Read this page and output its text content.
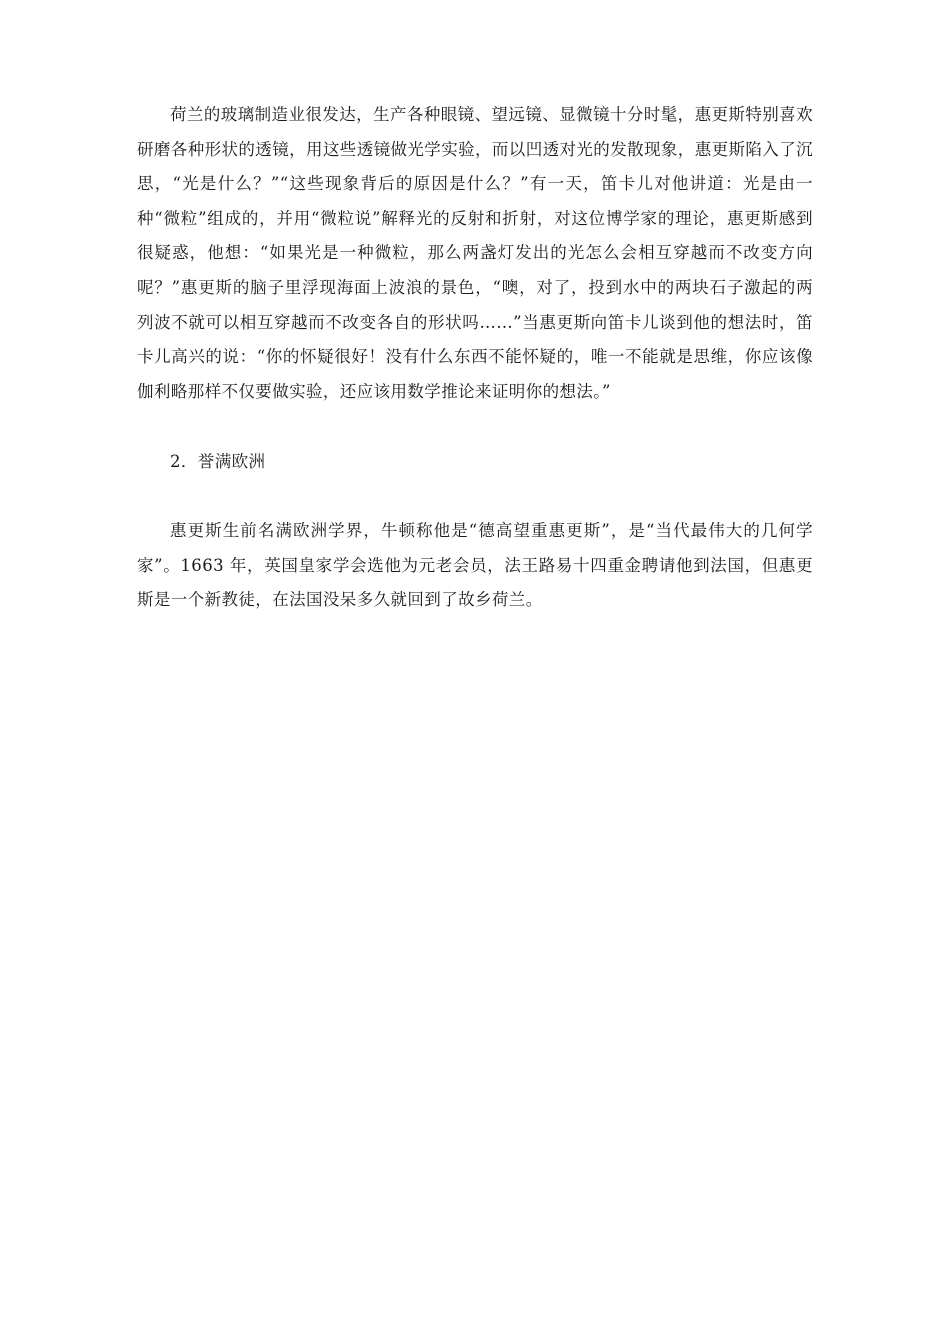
荷兰的玻璃制造业很发达，生产各种眼镜、望远镜、显微镜十分时髦，惠更斯特别喜欢研磨各种形状的透镜，用这些透镜做光学实验，而以凹透对光的发散现象，惠更斯陷入了沉思，“光是什么？”“这些现象背后的原因是什么？”有一天，笛卡儿对他讲道：光是由一种“微粒”组成的，并用“微粒说”解释光的反射和折射，对这位博学家的理论，惠更斯感到很疑惑，他想：“如果光是一种微粒，那么两盏灯发出的光怎么会相互穿越而不改变方向呢？”惠更斯的脑子里浮现海面上波浪的景色，“噢，对了，投到水中的两块石子激起的两列波不就可以相互穿越而不改变各自的形状吗……”当惠更斯向笛卡儿谈到他的想法时，笛卡儿高兴的说：“你的怀疑很好！没有什么东西不能怀疑的，唯一不能就是思维，你应该像伽利略那样不仅要做实验，还应该用数学推论来证明你的想法。”

2．誉满欧洲

惠更斯生前名满欧洲学界，牛顿称他是“德高望重惠更斯”，是“当代最伟大的几何学家”。1663 年，英国皇家学会选他为元老会员，法王路易十四重金聘请他到法国，但惠更斯是一个新教徒，在法国没呆多久就回到了故乡荷兰。
